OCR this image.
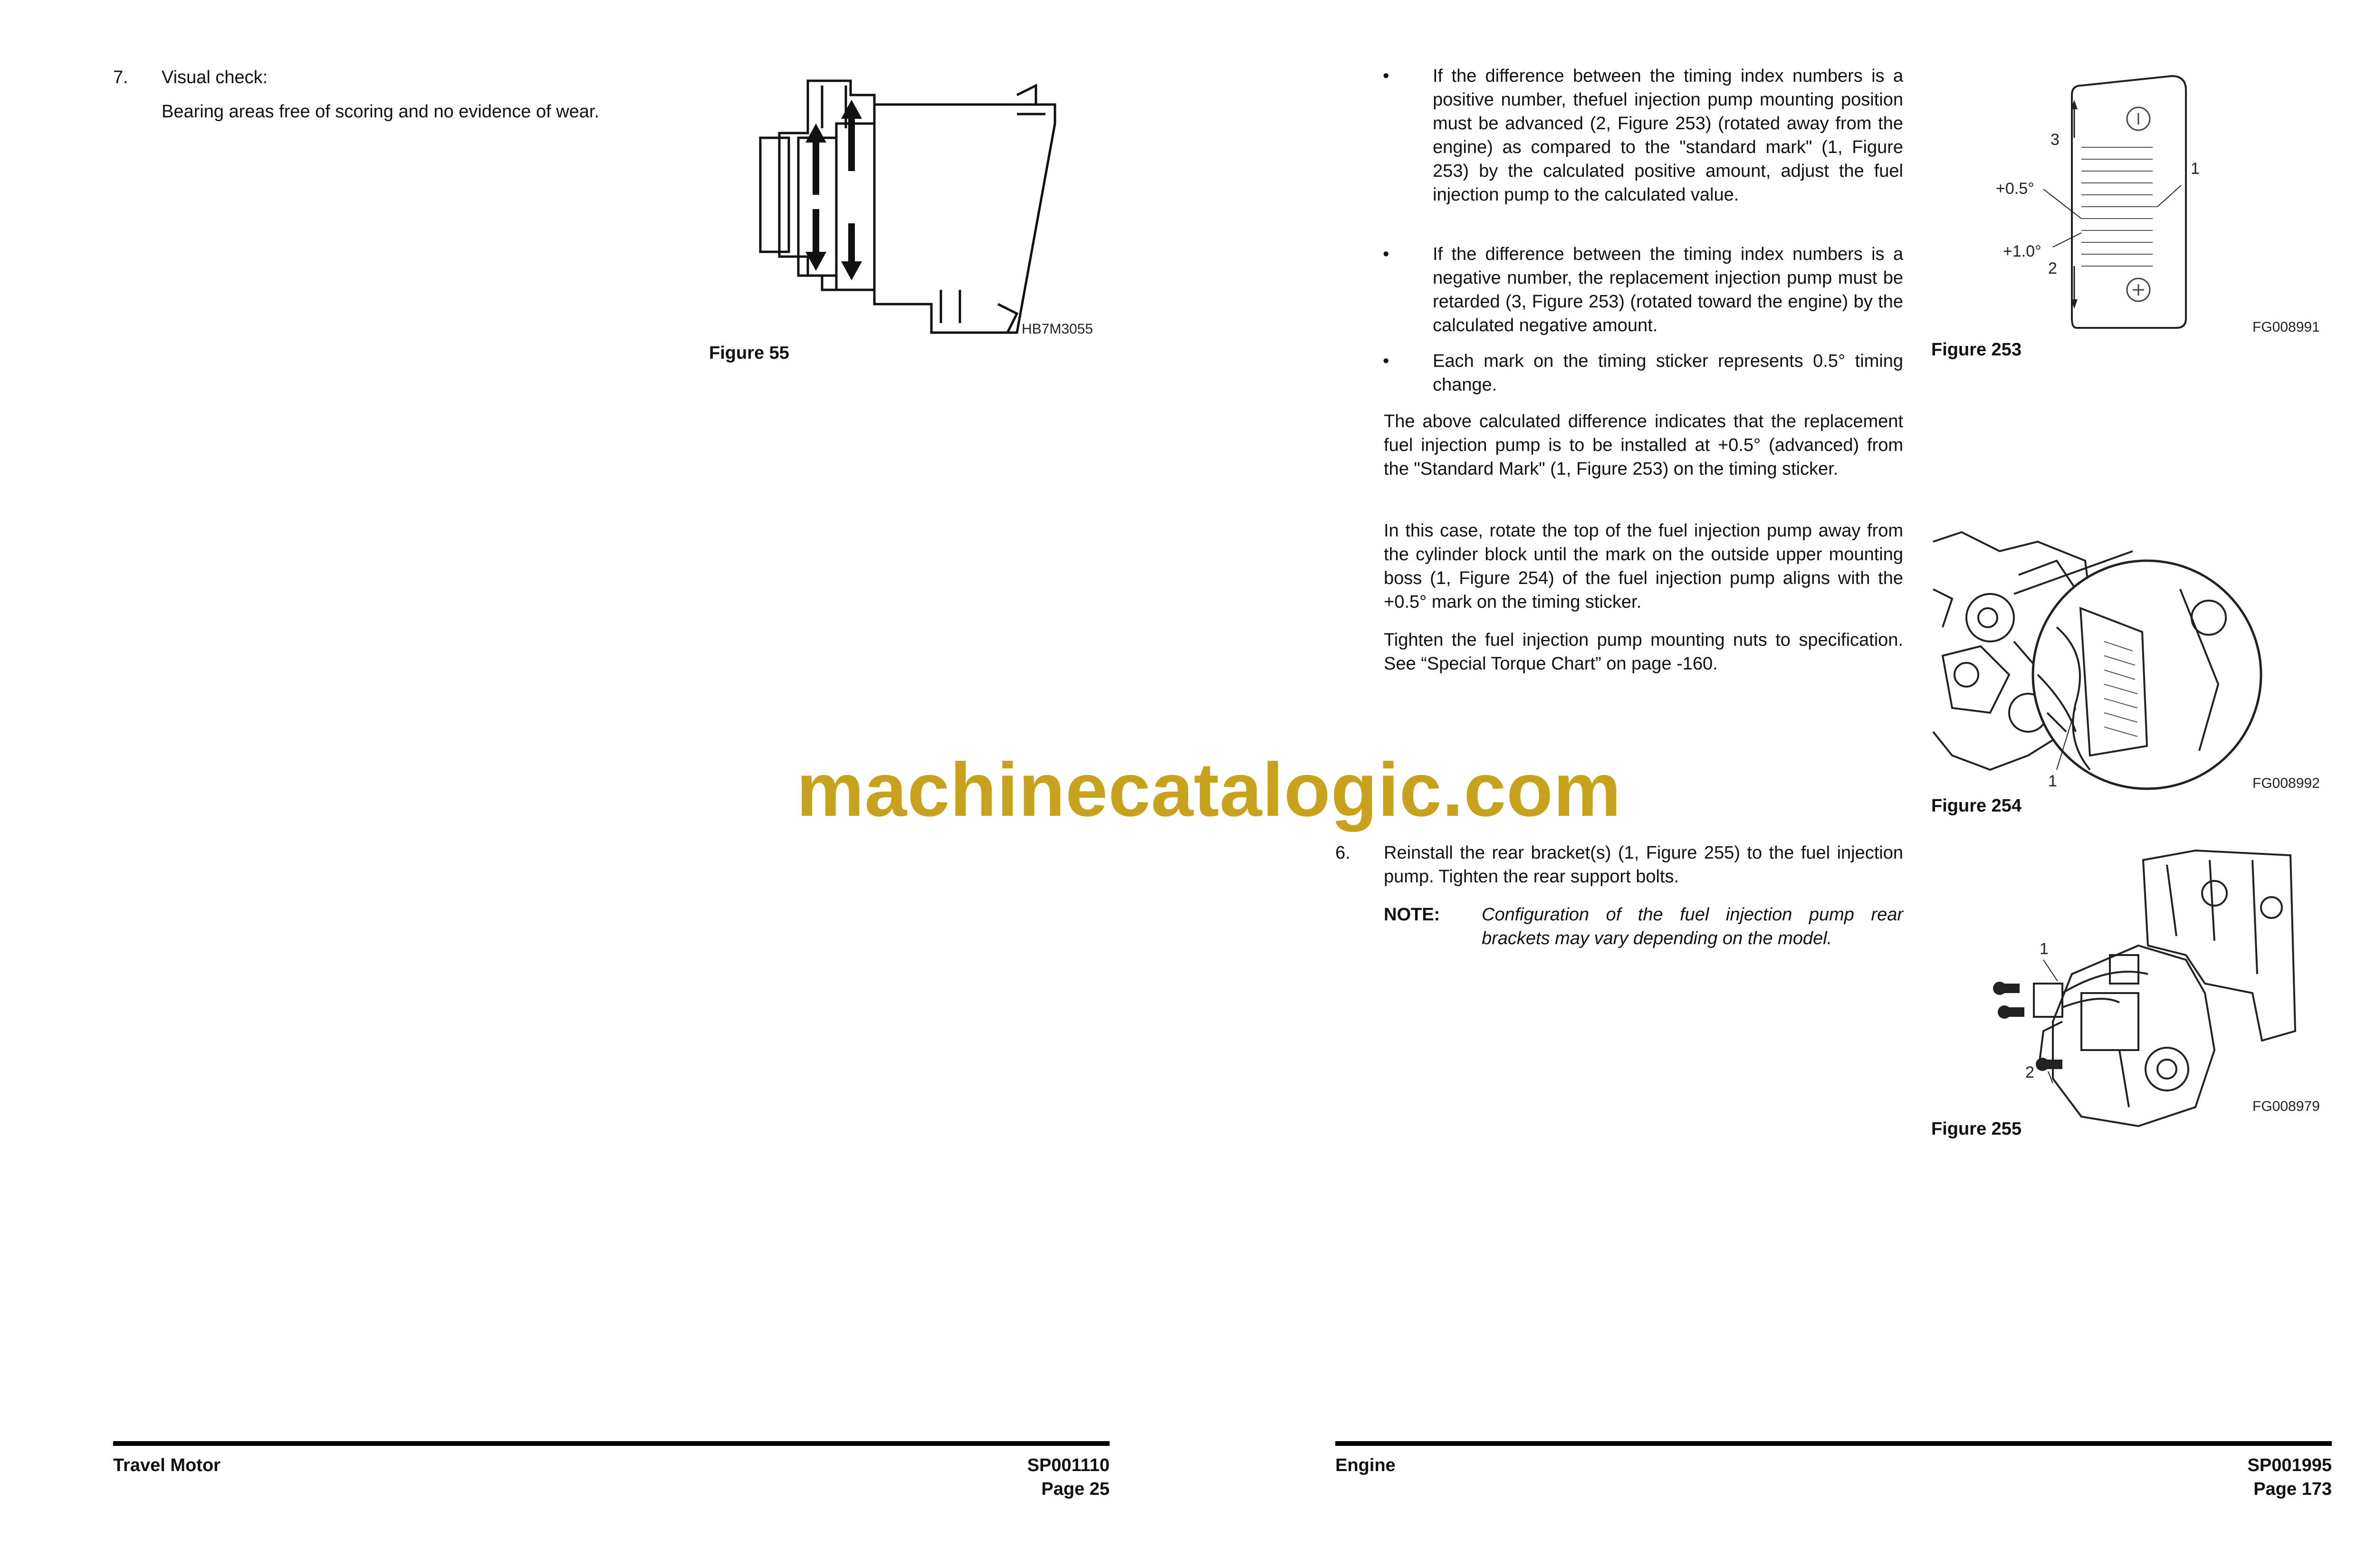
7. Visual check:
Bearing areas free of scoring and no evidence of wear.
HB7M3055
Figure 55
Travel Motor	SP001110
Page 25
• If the difference between the timing index numbers is a positive number, thefuel injection pump mounting position must be advanced (2, Figure 253) (rotated away from the engine) as compared to the "standard mark" (1, Figure 253) by the calculated positive amount, adjust the fuel injection pump to the calculated value.
• If the difference between the timing index numbers is a negative number, the replacement injection pump must be retarded (3, Figure 253) (rotated toward the engine) by the calculated negative amount.
• Each mark on the timing sticker represents 0.5° timing change.
The above calculated difference indicates that the replacement fuel injection pump is to be installed at +0.5° (advanced) from the "Standard Mark" (1, Figure 253) on the timing sticker.
In this case, rotate the top of the fuel injection pump away from the cylinder block until the mark on the outside upper mounting boss (1, Figure 254) of the fuel injection pump aligns with the +0.5° mark on the timing sticker.
Tighten the fuel injection pump mounting nuts to specification. See “Special Torque Chart” on page -160.
6. Reinstall the rear bracket(s) (1, Figure 255) to the fuel injection pump. Tighten the rear support bolts.
NOTE: Configuration of the fuel injection pump rear brackets may vary depending on the model.
3
1
+0.5°
+1.0°
2
FG008991
Figure 253
1	FG008992
Figure 254
1
2
FG008979
Figure 255
Engine	SP001995
Page 173
machinecatalogic.com
